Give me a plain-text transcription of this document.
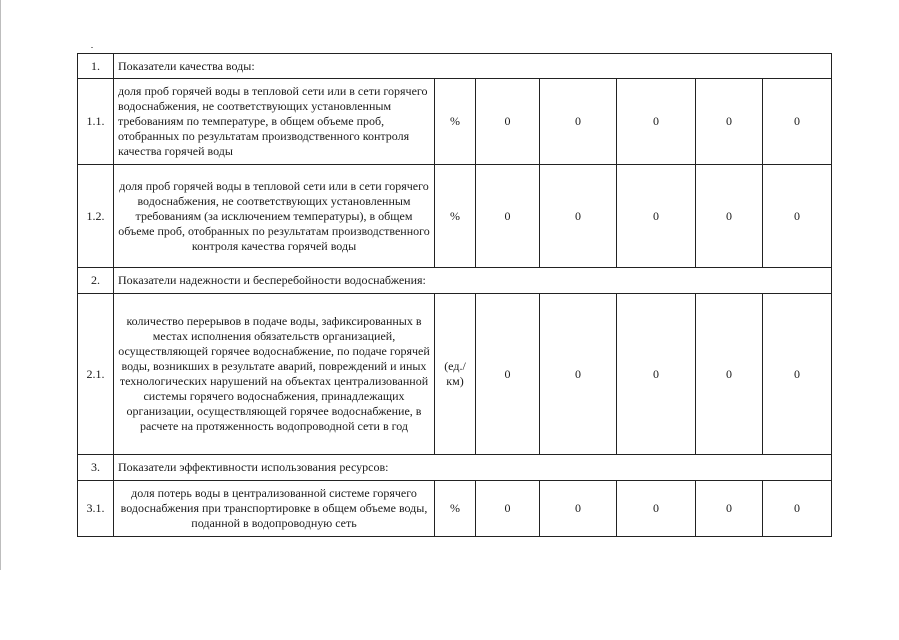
1.	Показатели качества воды:						
1.1.	доля проб горячей воды в тепловой сети или в сети горячего водоснабжения, не соответствующих установленным требованиям по температуре, в общем объеме проб, отобранных по результатам производственного контроля качества горячей воды	%	0	0	0	0	0
1.2.	доля проб горячей воды в тепловой сети или в сети горячего водоснабжения, не соответствующих установленным требованиям (за исключением температуры), в общем объеме проб, отобранных по результатам производственного контроля качества горячей воды	%	0	0	0	0	0
2.	Показатели надежности и бесперебойности водоснабжения:						
2.1.	количество перерывов в подаче воды, зафиксированных в местах исполнения обязательств организацией, осуществляющей горячее водоснабжение, по подаче горячей воды, возникших в результате аварий, повреждений и иных технологических нарушений на объектах централизованной системы горячего водоснабжения, принадлежащих организации, осуществляющей горячее водоснабжение, в расчете на протяженность водопроводной сети в год	(ед./км)	0	0	0	0	0
3.	Показатели эффективности использования ресурсов:						
3.1.	доля потерь воды в централизованной системе горячего водоснабжения при транспортировке в общем объеме воды, поданной в водопроводную сеть	%	0	0	0	0	0
